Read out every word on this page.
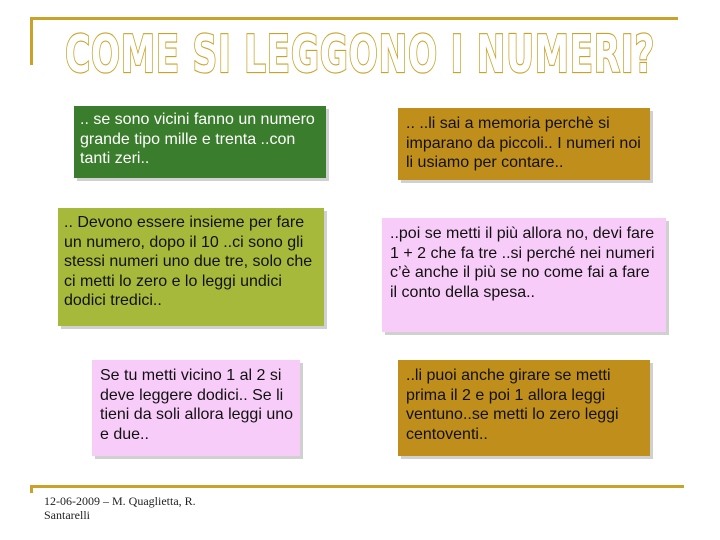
COME SI LEGGONO I NUMERI?
.. se sono vicini fanno un numero grande tipo mille e trenta ..con tanti zeri..
.. ..li sai a memoria perchè si imparano da piccoli.. I numeri noi li usiamo per contare..
.. Devono essere insieme per fare un numero, dopo il 10 ..ci sono gli stessi numeri uno due tre, solo che ci metti lo zero e lo leggi undici dodici tredici..
..poi se metti il più allora no, devi fare 1 + 2 che fa tre ..si perché nei numeri c’è anche il più se no come fai a fare il conto della spesa..
Se tu metti vicino 1 al 2 si deve leggere dodici.. Se li tieni da soli allora leggi uno e due..
..li puoi anche girare se metti prima il 2 e poi 1 allora leggi ventuno..se metti lo zero leggi centoventi..
12-06-2009 – M. Quaglietta, R. Santarelli
